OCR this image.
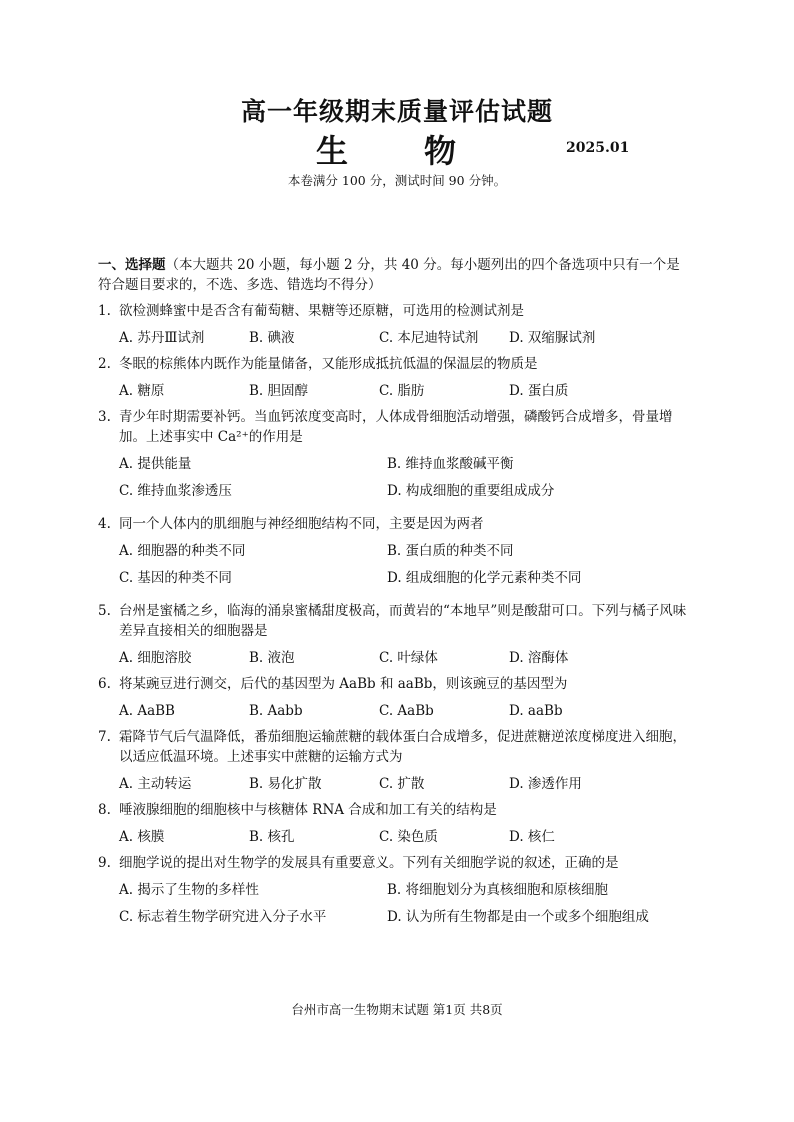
高一年级期末质量评估试题
生　物	2025.01
本卷满分 100 分，测试时间 90 分钟。
一、选择题（本大题共 20 小题，每小题 2 分，共 40 分。每小题列出的四个备选项中只有一个是符合题目要求的，不选、多选、错选均不得分）
1. 欲检测蜂蜜中是否含有葡萄糖、果糖等还原糖，可选用的检测试剂是
A. 苏丹Ⅲ试剂	B. 碘液	C. 本尼迪特试剂	D. 双缩脲试剂
2. 冬眠的棕熊体内既作为能量储备，又能形成抵抗低温的保温层的物质是
A. 糖原	B. 胆固醇	C. 脂肪	D. 蛋白质
3. 青少年时期需要补钙。当血钙浓度变高时，人体成骨细胞活动增强，磷酸钙合成增多，骨量增加。上述事实中 Ca²⁺的作用是
A. 提供能量	B. 维持血浆酸碱平衡
C. 维持血浆渗透压	D. 构成细胞的重要组成成分
4. 同一个人体内的肌细胞与神经细胞结构不同，主要是因为两者
A. 细胞器的种类不同	B. 蛋白质的种类不同
C. 基因的种类不同	D. 组成细胞的化学元素种类不同
5. 台州是蜜橘之乡，临海的涌泉蜜橘甜度极高，而黄岩的“本地早”则是酸甜可口。下列与橘子风味差异直接相关的细胞器是
A. 细胞溶胶	B. 液泡	C. 叶绿体	D. 溶酶体
6. 将某豌豆进行测交，后代的基因型为 AaBb 和 aaBb，则该豌豆的基因型为
A. AaBB	B. Aabb	C. AaBb	D. aaBb
7. 霜降节气后气温降低，番茄细胞运输蔗糖的载体蛋白合成增多，促进蔗糖逆浓度梯度进入细胞，以适应低温环境。上述事实中蔗糖的运输方式为
A. 主动转运	B. 易化扩散	C. 扩散	D. 渗透作用
8. 唾液腺细胞的细胞核中与核糖体 RNA 合成和加工有关的结构是
A. 核膜	B. 核孔	C. 染色质	D. 核仁
9. 细胞学说的提出对生物学的发展具有重要意义。下列有关细胞学说的叙述，正确的是
A. 揭示了生物的多样性	B. 将细胞划分为真核细胞和原核细胞
C. 标志着生物学研究进入分子水平	D. 认为所有生物都是由一个或多个细胞组成
台州市高一生物期末试题 第1页 共8页
